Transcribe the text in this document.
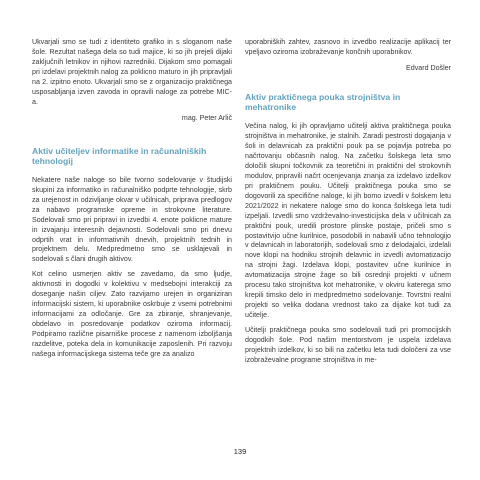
Ukvarjali smo se tudi z identiteto grafiko in s sloganom naše šole. Rezultat našega dela so tudi majice, ki so jih prejeli dijaki zaključnih letnikov in njihovi razredniki. Dijakom smo pomagali pri izdelavi projektnih nalog za poklicno maturo in jih pripravljali na 2. izpitno enoto. Ukvarjali smo se z organizacijo praktičnega usposabljanja izven zavoda in opravili naloge za potrebe MIC-a.

mag. Peter Arlič

Aktiv učiteljev informatike in računalniških tehnologij

Nekatere naše naloge so bile tvorno sodelovanje v študijski skupini za informatiko in računalniško podprte tehnologije, skrb za urejenost in odzivljanje okvar v učilnicah, priprava predlogov za nabavo programske opreme in strokovne literature. Sodelovali smo pri pripravi in izvedbi 4. enote poklicne mature in izvajanju interesnih dejavnosti. Sodelovali smo pri dnevu odprtih vrat in informativnih dnevih, projektnih tednih in projektnem delu. Medpredmetno smo se usklajevali in sodelovali s člani drugih aktivov.

Kot celino usmerjen aktiv se zavedamo, da smo ljudje, aktivnosti in dogodki v kolektivu v medsebojni interakciji za doseganje našin ciljev. Zato razvijamo urejen in organiziran informacijski sistem, ki uporabnike oskrbuje z vsemi potrebnimi informacijami za odločanje. Gre za zbiranje, shranjevanje, obdelavo in posredovanje podatkov oziroma informacij. Podpiramo različne pisarniške procese z namenom izboljšanja razdelitve, poteka dela in komunikacije zaposlenih. Pri razvoju našega informacijskega sistema teče gre za analizo

uporabniških zahtev, zasnovo in izvedbo realizacije aplikacij ter vpeljavo oziroma izobraževanje končnih uporabnikov.

Edvard Došler

Aktiv praktičnega pouka strojništva in mehatronike

Večina nalog, ki jih opravljamo učitelji aktiva praktičnega pouka strojništva in mehatronike, je stalnih. Zaradi pestrosti dogajanja v šoli in delavnicah za praktični pouk pa se pojavlja potreba po načrtovanju občasnih nalog. Na začetku šolskega leta smo določili skupni točkovnik za teoretični in praktični del strokovnih modulov, pripravili načrt ocenjevanja znanja za izdelavo izdelkov pri praktičnem pouku. Učitelji praktičnega pouka smo se dogovorili za specifične naloge, ki jih bomo izvedli v šolskem letu 2021/2022 in nekatere naloge smo do konca šolskega leta tudi izpeljali. Izvedli smo vzdrževalno-investicijska dela v učilnicah za praktični pouk, uredili prostore plinske postaje, pričeli smo s postavitvijo učne kurilnice, posodobili in nabavili učno tehnologijo v delavnicah in laboratorijih, sodelovali smo z delodajalci, izdelali nove klopi na hodniku strojnih delavnic in izvedli avtomatizacijo na strojni žagi. Izdelava klopi, postavitev učne kurilnice in avtomatizacija strojne žage so bili osrednji projekti v učnem procesu tako strojništva kot mehatronike, v okviru katerega smo krepili timsko delo in medpredmetno sodelovanje. Tovrstni realni projekti so velika dodana vrednost tako za dijake kot tudi za učitelje.

Učitelji praktičnega pouka smo sodelovali tudi pri promocijskih dogodkih šole. Pod našim mentorstvom je uspela izdelava projektnih izdelkov, ki so bili na začetku leta tudi določeni za vse izobraževalne programe strojništva in me-

139
